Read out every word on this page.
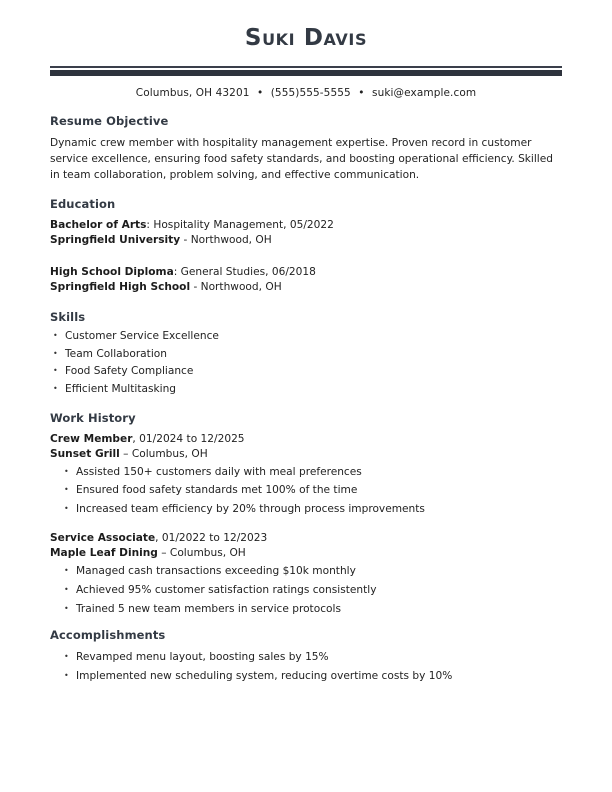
Suki Davis
Columbus, OH 43201 • (555)555-5555 • suki@example.com
Resume Objective

Dynamic crew member with hospitality management expertise. Proven record in customer service excellence, ensuring food safety standards, and boosting operational efficiency. Skilled in team collaboration, problem solving, and effective communication.

Education
Bachelor of Arts: Hospitality Management, 05/2022
Springfield University - Northwood, OH
High School Diploma: General Studies, 06/2018
Springfield High School - Northwood, OH
Skills
• Customer Service Excellence
• Team Collaboration
• Food Safety Compliance
• Efficient Multitasking
Work History
Crew Member, 01/2024 to 12/2025
Sunset Grill – Columbus, OH
• Assisted 150+ customers daily with meal preferences
• Ensured food safety standards met 100% of the time
• Increased team efficiency by 20% through process improvements
Service Associate, 01/2022 to 12/2023
Maple Leaf Dining – Columbus, OH
• Managed cash transactions exceeding $10k monthly
• Achieved 95% customer satisfaction ratings consistently
• Trained 5 new team members in service protocols
Accomplishments
• Revamped menu layout, boosting sales by 15%
• Implemented new scheduling system, reducing overtime costs by 10%
